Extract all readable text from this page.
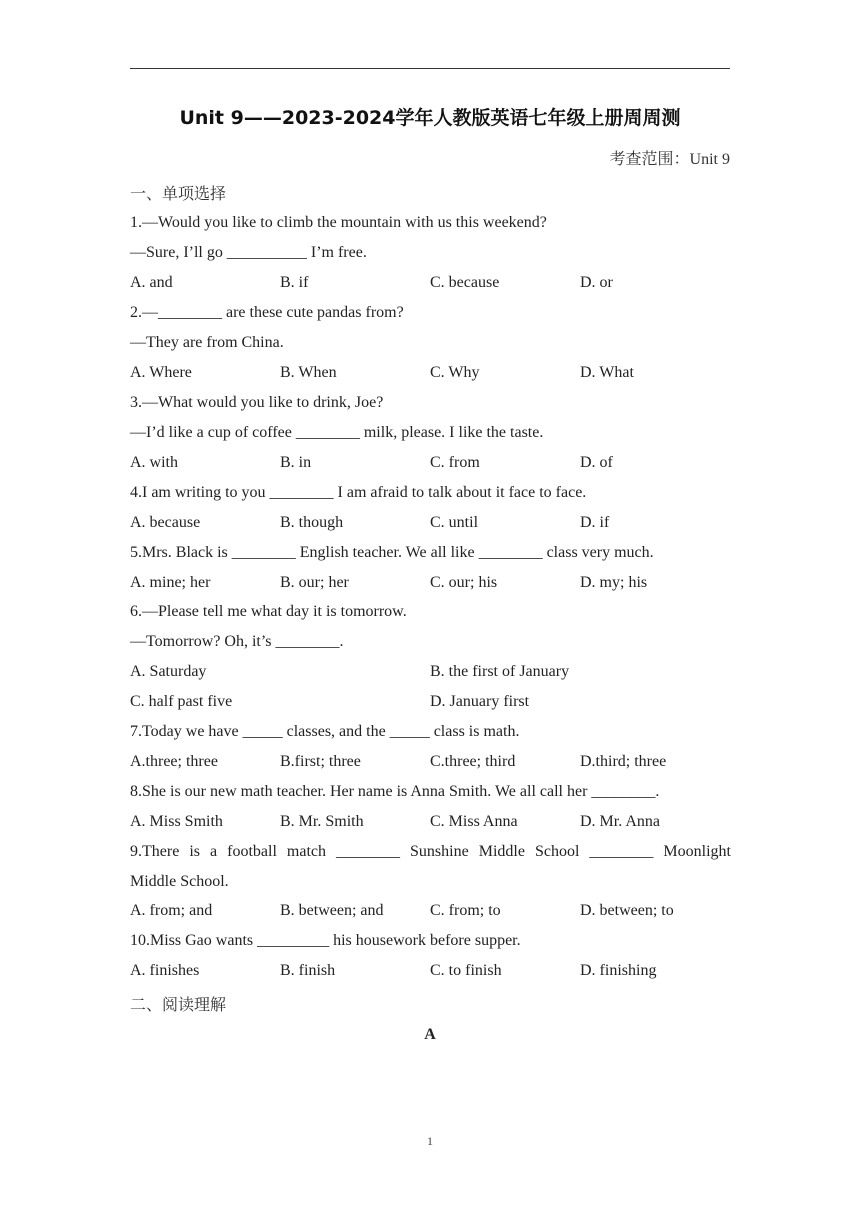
Unit 9——2023-2024学年人教版英语七年级上册周周测
考查范围：Unit 9
一、单项选择
1.—Would you like to climb the mountain with us this weekend?
—Sure, I’ll go __________ I’m free.
A. and	B. if	C. because	D. or
2.—________ are these cute pandas from?
—They are from China.
A. Where	B. When	C. Why	D. What
3.—What would you like to drink, Joe?
—I’d like a cup of coffee ________ milk, please. I like the taste.
A. with	B. in	C. from	D. of
4.I am writing to you ________ I am afraid to talk about it face to face.
A. because	B. though	C. until	D. if
5.Mrs. Black is ________ English teacher. We all like ________ class very much.
A. mine; her	B. our; her	C. our; his	D. my; his
6.—Please tell me what day it is tomorrow.
—Tomorrow? Oh, it’s ________.
A. Saturday	B. the first of January
C. half past five	D. January first
7.Today we have _____ classes, and the _____ class is math.
A.three; three	B.first; three	C.three; third	D.third; three
8.She is our new math teacher. Her name is Anna Smith. We all call her ________.
A. Miss Smith	B. Mr. Smith	C. Miss Anna	D. Mr. Anna
9.There is a football match ________ Sunshine Middle School ________ Moonlight
Middle School.
A. from; and	B. between; and	C. from; to	D. between; to
10.Miss Gao wants _________ his housework before supper.
A. finishes	B. finish	C. to finish	D. finishing
二、阅读理解
A
1
